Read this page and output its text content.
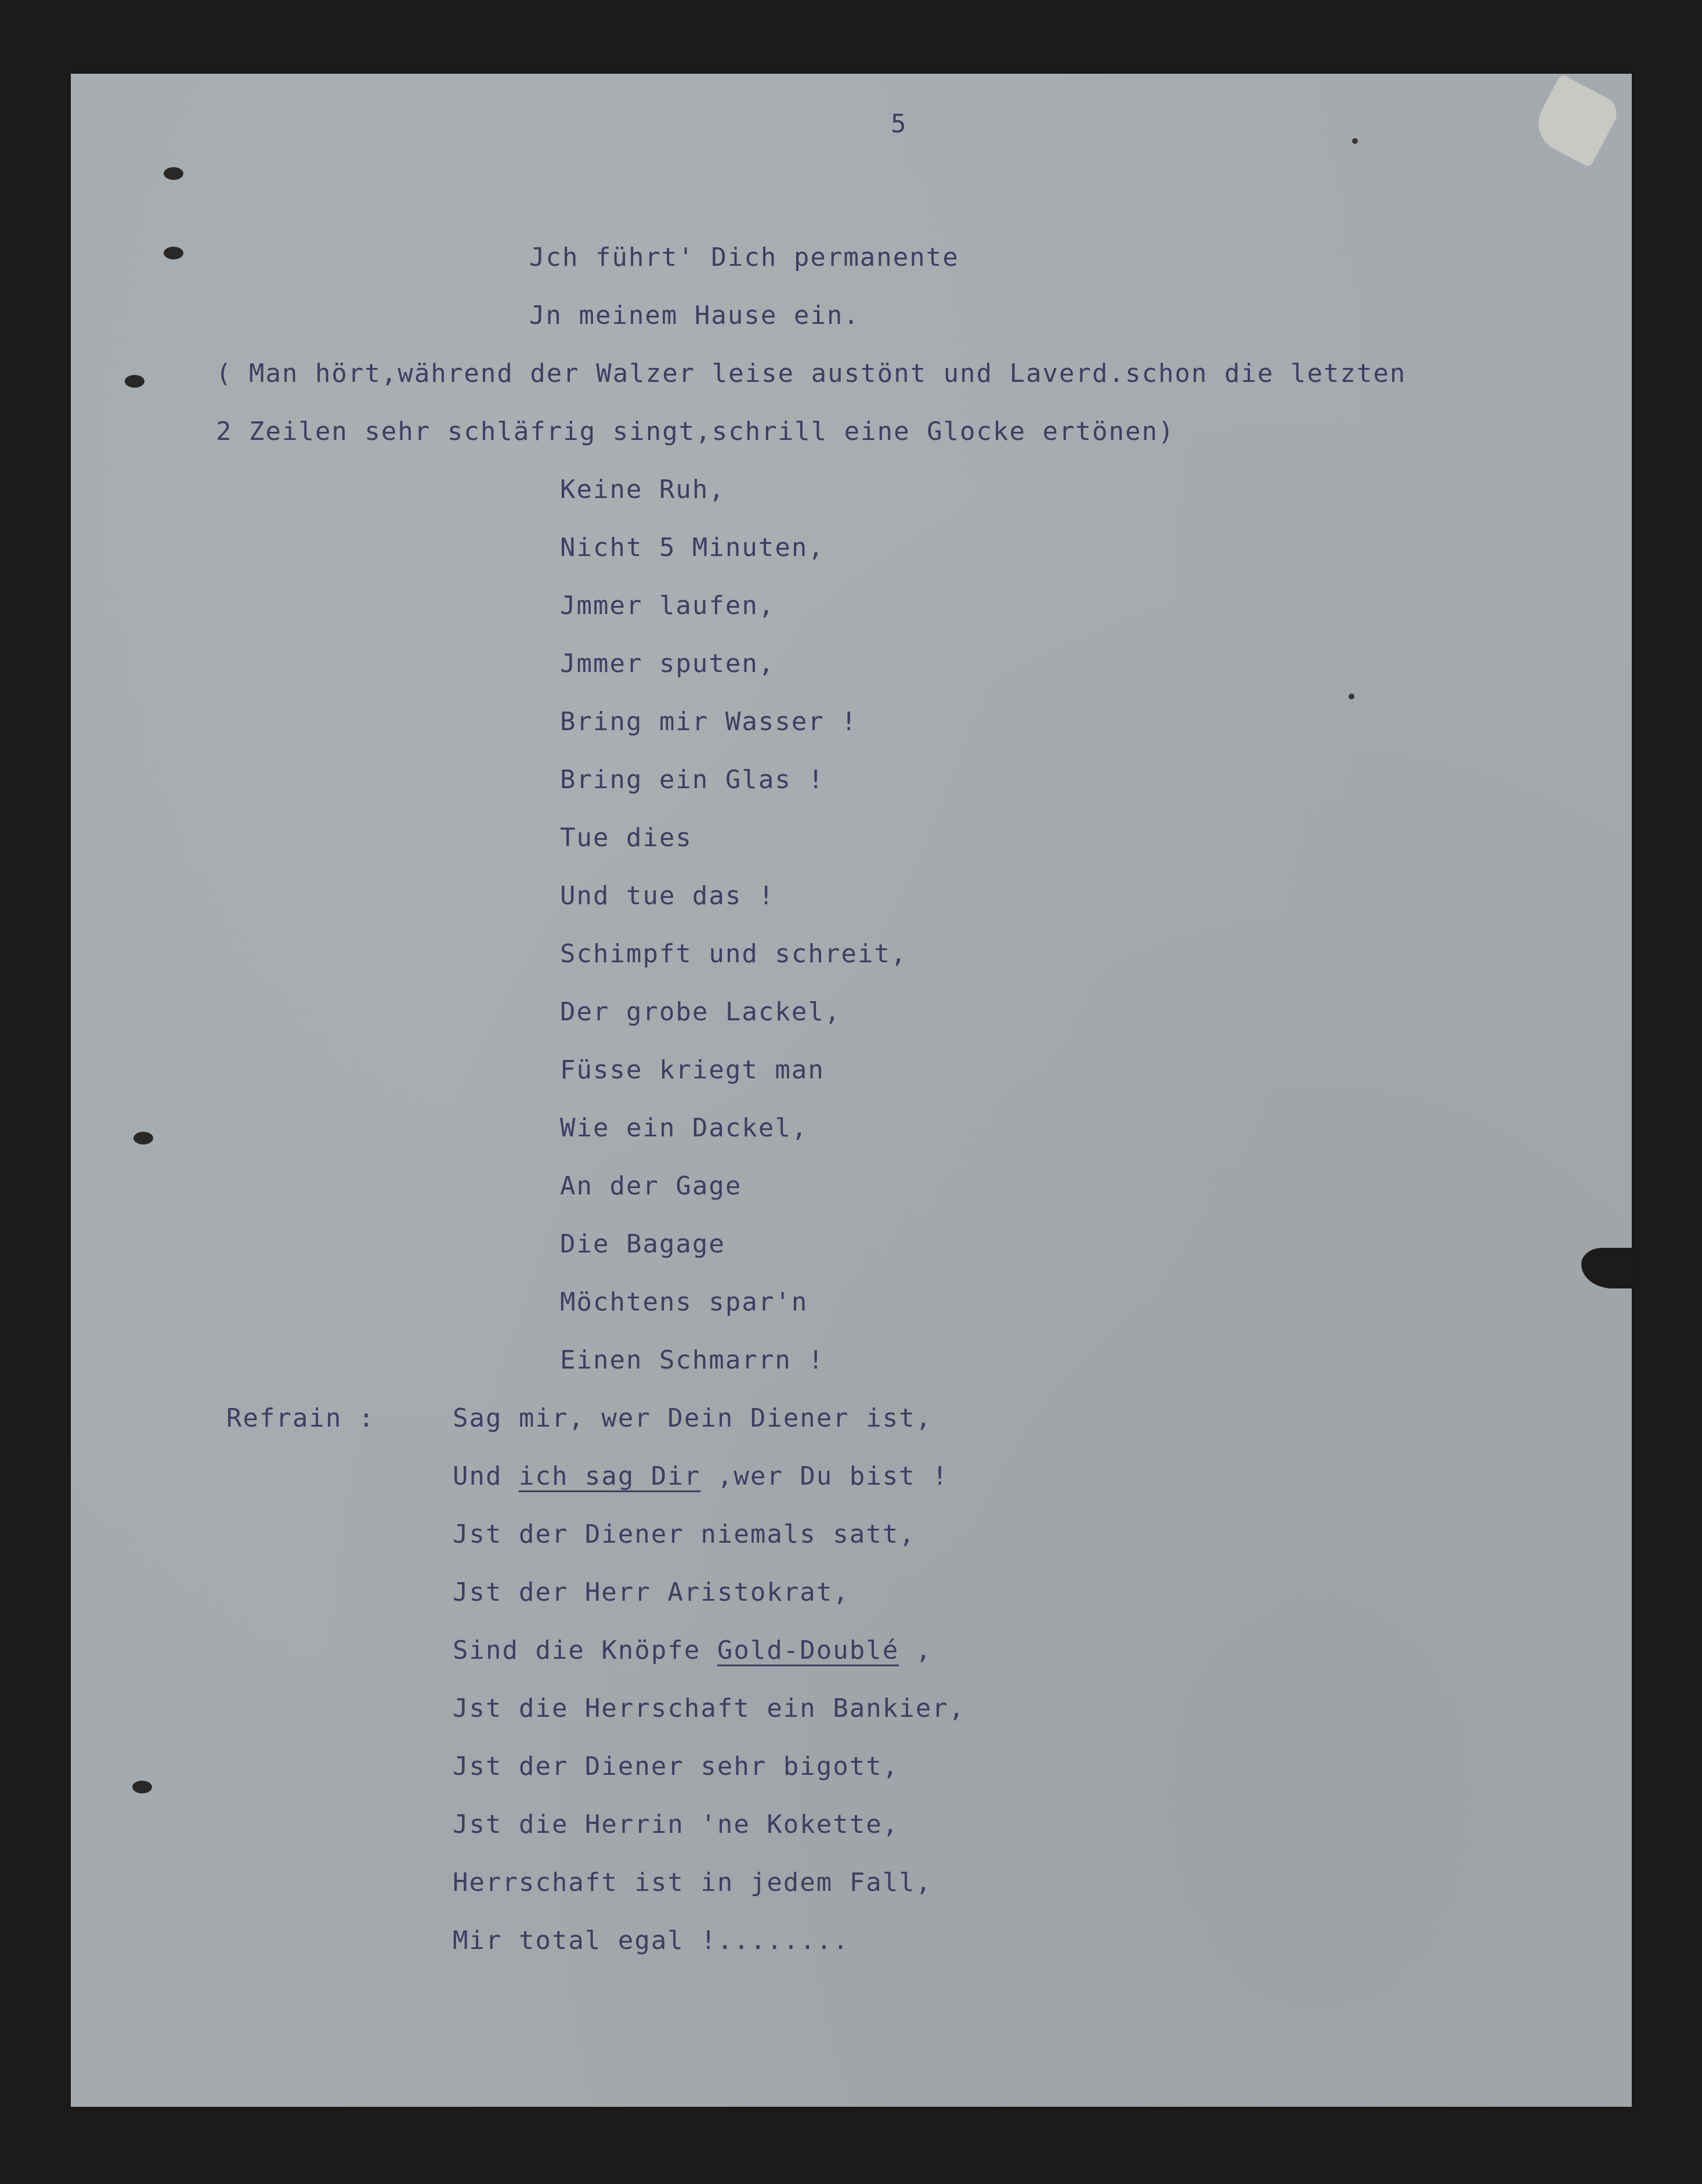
5

Jch führt' Dich permanente

Jn meinem Hause ein.

( Man hört,während der Walzer leise austönt und Laverd.schon die letzten

2 Zeilen sehr schläfrig singt,schrill eine Glocke ertönen)

Keine Ruh,

Nicht 5 Minuten,

Jmmer laufen,

Jmmer sputen,

Bring mir Wasser !

Bring ein Glas !

Tue dies

Und tue das !

Schimpft und schreit,

Der grobe Lackel,

Füsse kriegt man

Wie ein Dackel,

An der Gage

Die Bagage

Möchtens spar'n

Einen Schmarrn !

Refrain :	Sag mir, wer Dein Diener ist,

Und ich sag Dir ,wer Du bist !

Jst der Diener niemals satt,

Jst der Herr Aristokrat,

Sind die Knöpfe Gold-Doublé ,

Jst die Herrschaft ein Bankier,

Jst der Diener sehr bigott,

Jst die Herrin 'ne Kokette,

Herrschaft ist in jedem Fall,

Mir total egal !........
